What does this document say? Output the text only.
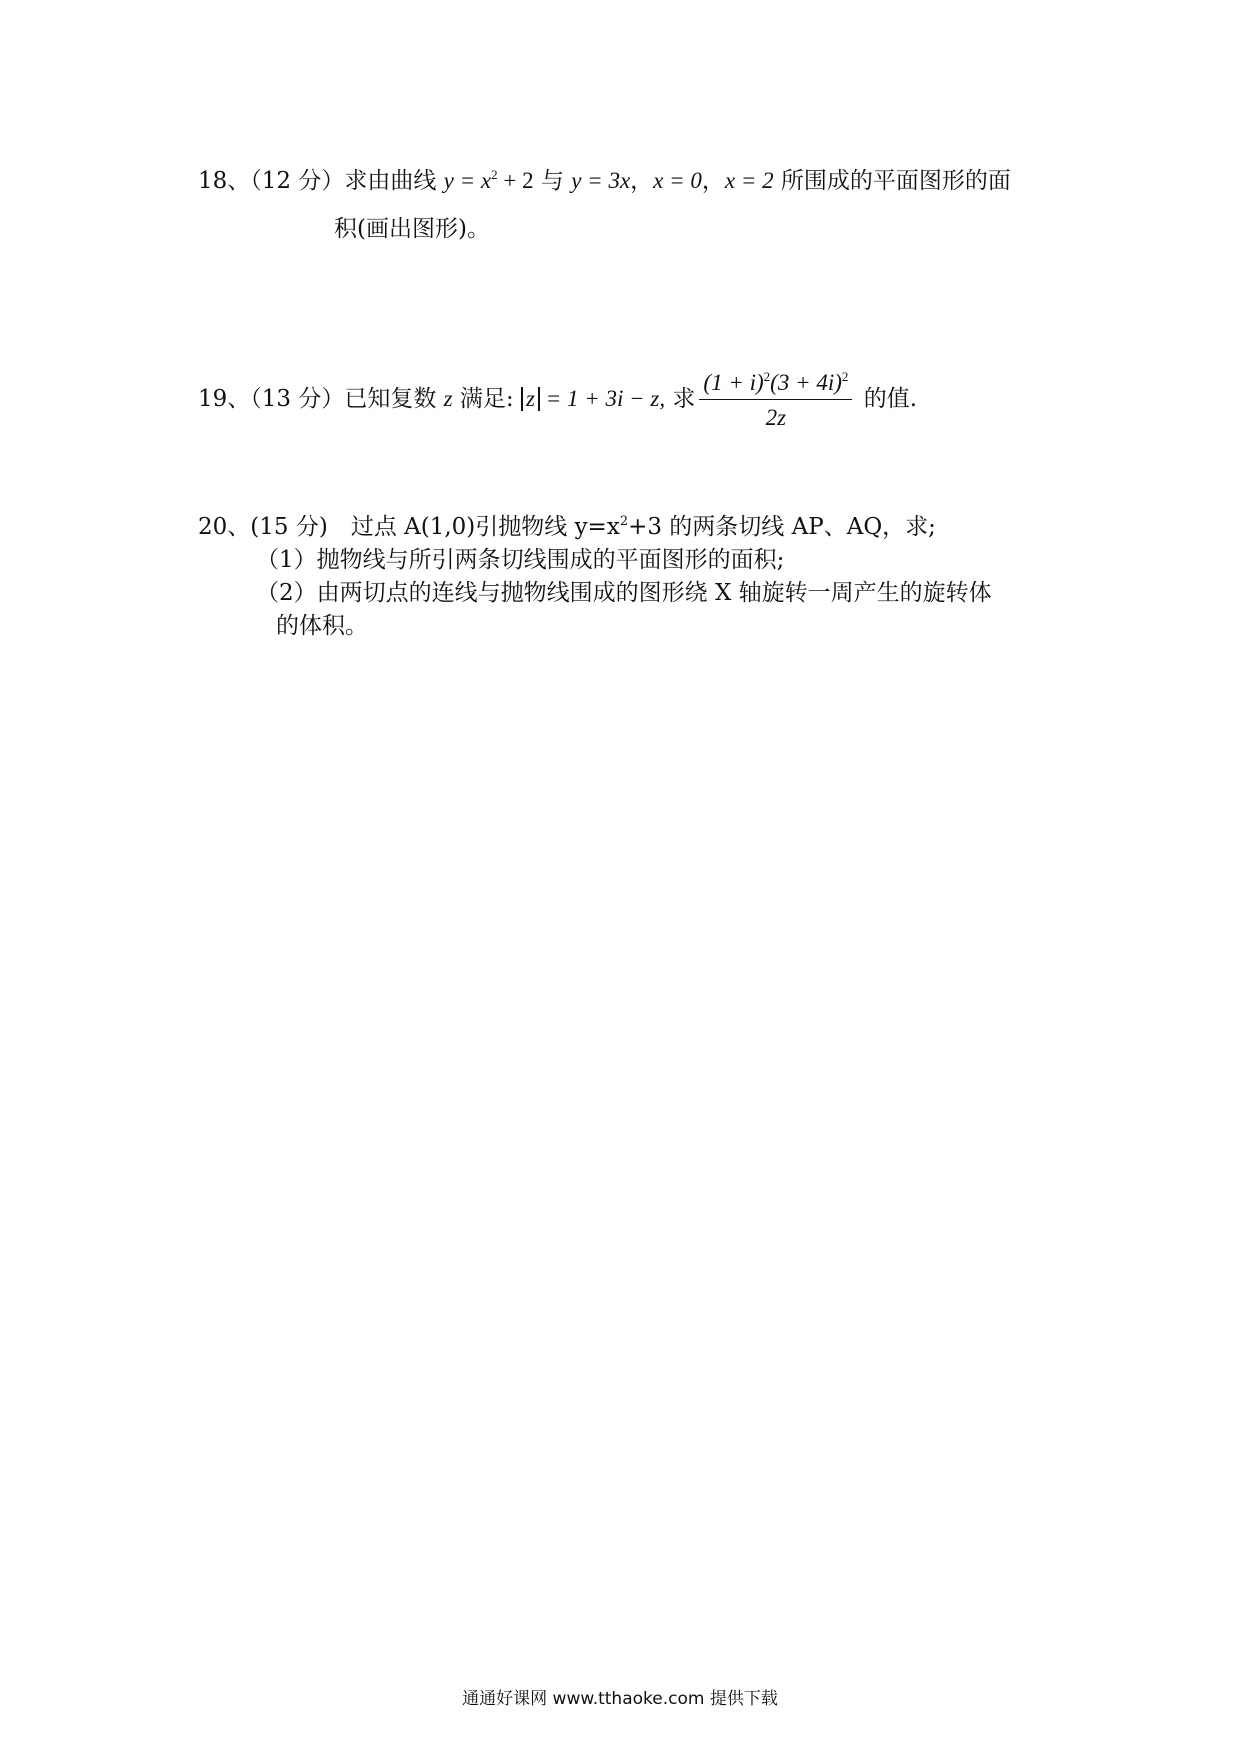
18、（12 分）求由曲线 $y = x^2 + 2$ 与 y = 3x，x = 0，x = 2 所围成的平面图形的面
积(画出图形)。
19、（13 分）已知复数 z 满足: z = 1 + 3i − z, 求 $\frac{(1 + i)^2(3 + 4i)^2}{2z}$ 的值.
20、(15 分)　过点 A(1,0)引抛物线 $y=x^2+3$ 的两条切线 AP、AQ，求;
（1）抛物线与所引两条切线围成的平面图形的面积;
（2）由两切点的连线与抛物线围成的图形绕 X 轴旋转一周产生的旋转体
的体积。
通通好课网 www.tthaoke.com 提供下载
